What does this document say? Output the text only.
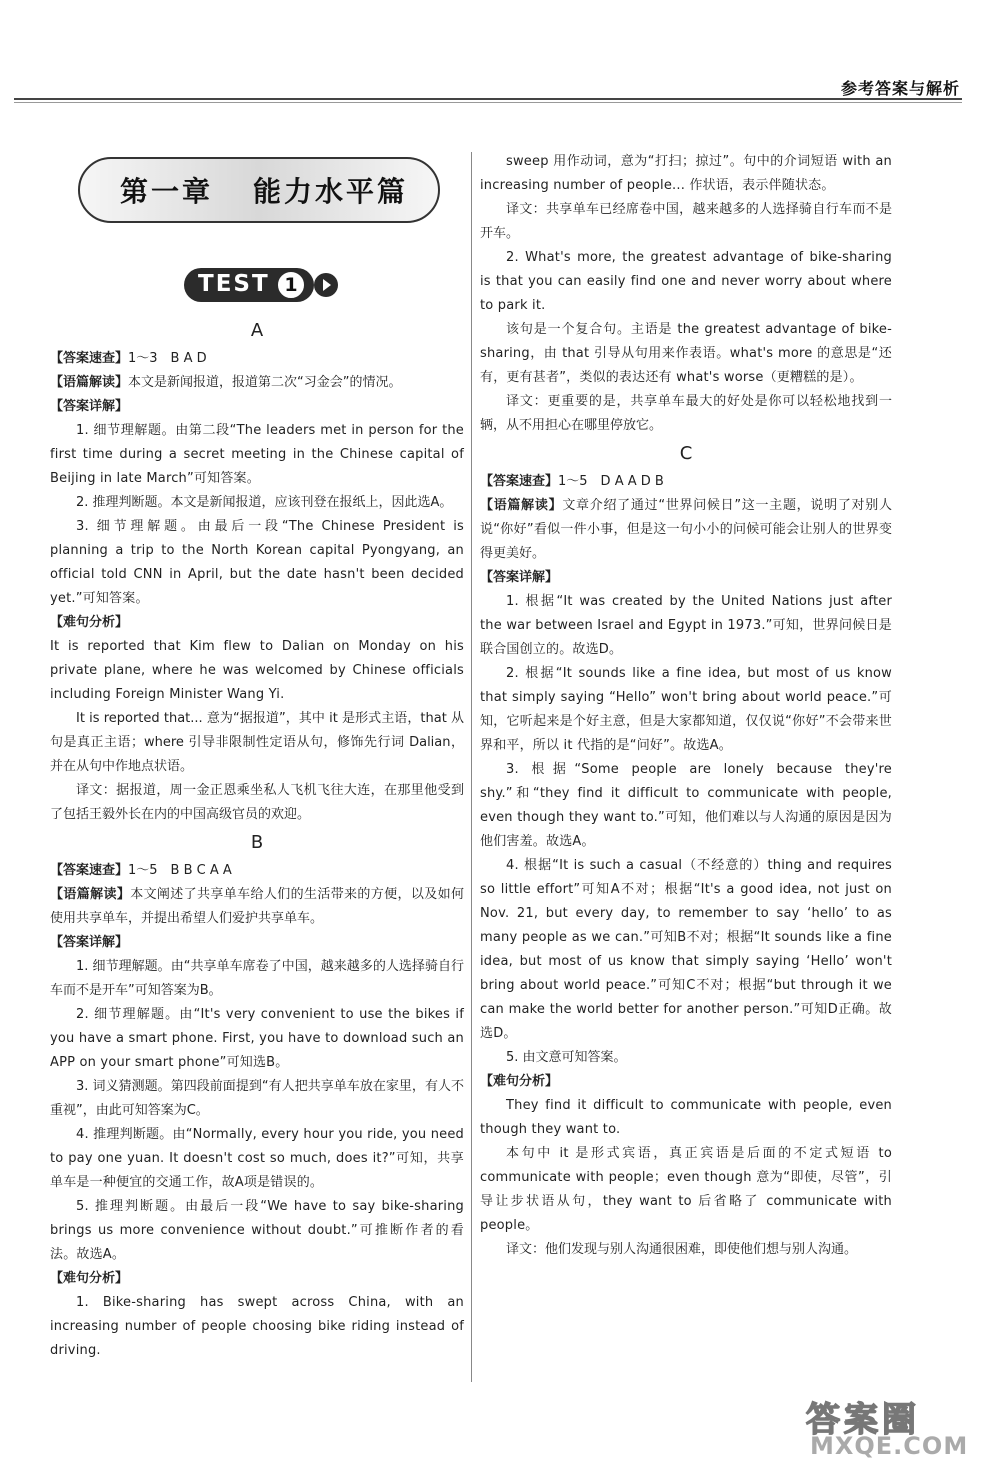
参考答案与解析
第一章 能力水平篇
TEST 1
A
【答案速查】1～3　B A D
【语篇解读】本文是新闻报道，报道第二次“习金会”的情况。
【答案详解】
1. 细节理解题。由第二段“The leaders met in person for the first time during a secret meeting in the Chinese capital of Beijing in late March”可知答案。
2. 推理判断题。本文是新闻报道，应该刊登在报纸上，因此选A。
3. 细节理解题。由最后一段“The Chinese President is planning a trip to the North Korean capital Pyongyang, an official told CNN in April, but the date hasn't been decided yet.”可知答案。
【难句分析】
It is reported that Kim flew to Dalian on Monday on his private plane, where he was welcomed by Chinese officials including Foreign Minister Wang Yi.
It is reported that... 意为“据报道”，其中 it 是形式主语，that 从句是真正主语；where 引导非限制性定语从句，修饰先行词 Dalian，并在从句中作地点状语。
译文：据报道，周一金正恩乘坐私人飞机飞往大连，在那里他受到了包括王毅外长在内的中国高级官员的欢迎。
B
【答案速查】1～5　B B C A A
【语篇解读】本文阐述了共享单车给人们的生活带来的方便，以及如何使用共享单车，并提出希望人们爱护共享单车。
【答案详解】
1. 细节理解题。由“共享单车席卷了中国，越来越多的人选择骑自行车而不是开车”可知答案为B。
2. 细节理解题。由“It's very convenient to use the bikes if you have a smart phone. First, you have to download such an APP on your smart phone”可知选B。
3. 词义猜测题。第四段前面提到“有人把共享单车放在家里，有人不重视”，由此可知答案为C。
4. 推理判断题。由“Normally, every hour you ride, you need to pay one yuan. It doesn't cost so much, does it?”可知，共享单车是一种便宜的交通工作，故A项是错误的。
5. 推理判断题。由最后一段“We have to say bike-sharing brings us more convenience without doubt.”可推断作者的看法。故选A。
【难句分析】
1. Bike-sharing has swept across China, with an increasing number of people choosing bike riding instead of driving.
sweep 用作动词，意为“打扫；掠过”。句中的介词短语 with an increasing number of people... 作状语，表示伴随状态。
译文：共享单车已经席卷中国，越来越多的人选择骑自行车而不是开车。
2. What's more, the greatest advantage of bike-sharing is that you can easily find one and never worry about where to park it.
该句是一个复合句。主语是 the greatest advantage of bike-sharing，由 that 引导从句用来作表语。what's more 的意思是“还有，更有甚者”，类似的表达还有 what's worse（更糟糕的是）。
译文：更重要的是，共享单车最大的好处是你可以轻松地找到一辆，从不用担心在哪里停放它。
C
【答案速查】1～5　D A A D B
【语篇解读】文章介绍了通过“世界问候日”这一主题，说明了对别人说“你好”看似一件小事，但是这一句小小的问候可能会让别人的世界变得更美好。
【答案详解】
1. 根据“It was created by the United Nations just after the war between Israel and Egypt in 1973.”可知，世界问候日是联合国创立的。故选D。
2. 根据“It sounds like a fine idea, but most of us know that simply saying “Hello” won't bring about world peace.”可知，它听起来是个好主意，但是大家都知道，仅仅说“你好”不会带来世界和平，所以 it 代指的是“问好”。故选A。
3. 根据“Some people are lonely because they're shy.”和“they find it difficult to communicate with people, even though they want to.”可知，他们难以与人沟通的原因是因为他们害羞。故选A。
4. 根据“It is such a casual（不经意的）thing and requires so little effort”可知A不对；根据“It's a good idea, not just on Nov. 21, but every day, to remember to say ‘hello’ to as many people as we can.”可知B不对；根据“It sounds like a fine idea, but most of us know that simply saying ‘Hello’ won't bring about world peace.”可知C不对；根据“but through it we can make the world better for another person.”可知D正确。故选D。
5. 由文意可知答案。
【难句分析】
They find it difficult to communicate with people, even though they want to.
本句中 it 是形式宾语，真正宾语是后面的不定式短语 to communicate with people；even though 意为“即使，尽管”，引导让步状语从句，they want to 后省略了 communicate with people。
译文：他们发现与别人沟通很困难，即使他们想与别人沟通。
答案圈
MXQE.COM
